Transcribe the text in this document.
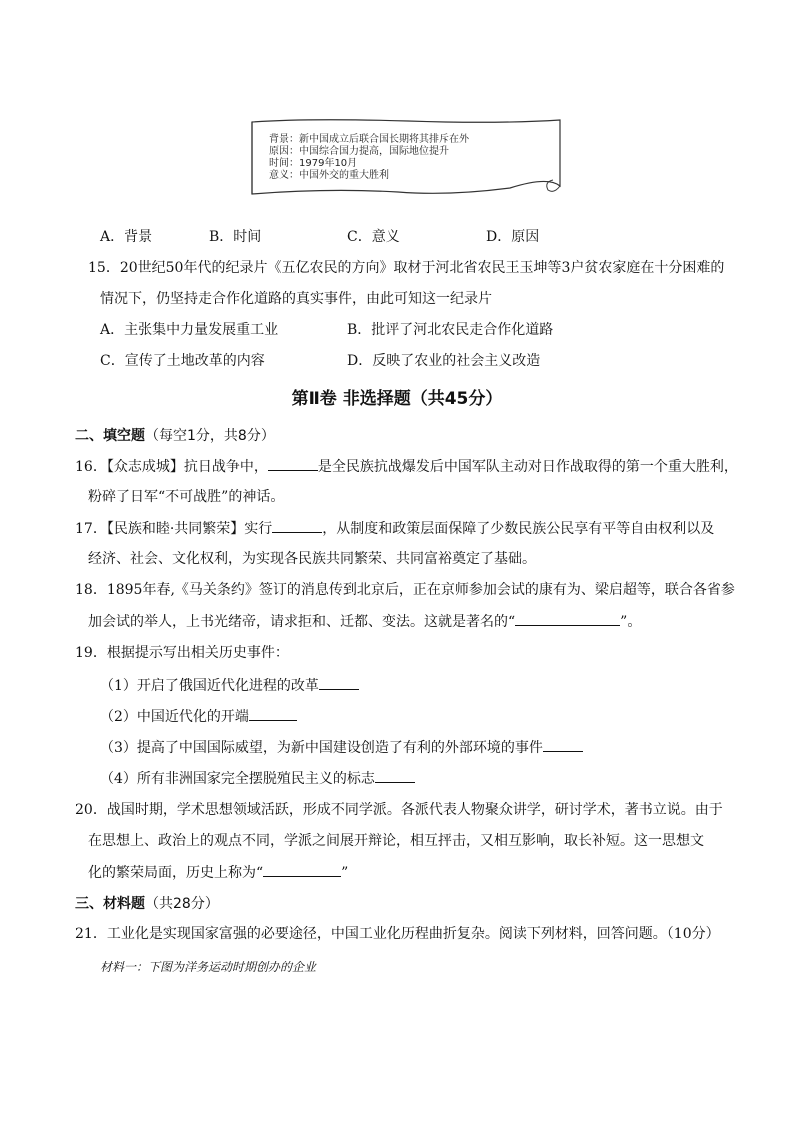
背景：新中国成立后联合国长期将其排斥在外
原因：中国综合国力提高，国际地位提升
时间：1979年10月
意义：中国外交的重大胜利
A．背景	B．时间	C．意义	D．原因
15．20世纪50年代的纪录片《五亿农民的方向》取材于河北省农民王玉坤等3户贫农家庭在十分困难的
情况下，仍坚持走合作化道路的真实事件，由此可知这一纪录片
A．主张集中力量发展重工业	B．批评了河北农民走合作化道路
C．宣传了土地改革的内容	D．反映了农业的社会主义改造
第Ⅱ卷 非选择题（共45分）
二、填空题（每空1分，共8分）
16．【众志成城】抗日战争中，	是全民族抗战爆发后中国军队主动对日作战取得的第一个重大胜利，
粉碎了日军“不可战胜”的神话。
17．【民族和睦·共同繁荣】实行	，从制度和政策层面保障了少数民族公民享有平等自由权利以及
经济、社会、文化权利，为实现各民族共同繁荣、共同富裕奠定了基础。
18．1895年春,《马关条约》签订的消息传到北京后，正在京师参加会试的康有为、梁启超等，联合各省参
加会试的举人，上书光绪帝，请求拒和、迁都、变法。这就是著名的“	”。
19．根据提示写出相关历史事件：
（1）开启了俄国近代化进程的改革
（2）中国近代化的开端
（3）提高了中国国际威望，为新中国建设创造了有利的外部环境的事件
（4）所有非洲国家完全摆脱殖民主义的标志
20．战国时期，学术思想领域活跃，形成不同学派。各派代表人物聚众讲学，研讨学术，著书立说。由于
在思想上、政治上的观点不同，学派之间展开辩论，相互抨击，又相互影响，取长补短。这一思想文
化的繁荣局面，历史上称为“	”
三、材料题（共28分）
21．工业化是实现国家富强的必要途径，中国工业化历程曲折复杂。阅读下列材料，回答问题。（10分）
材料一：下图为洋务运动时期创办的企业
